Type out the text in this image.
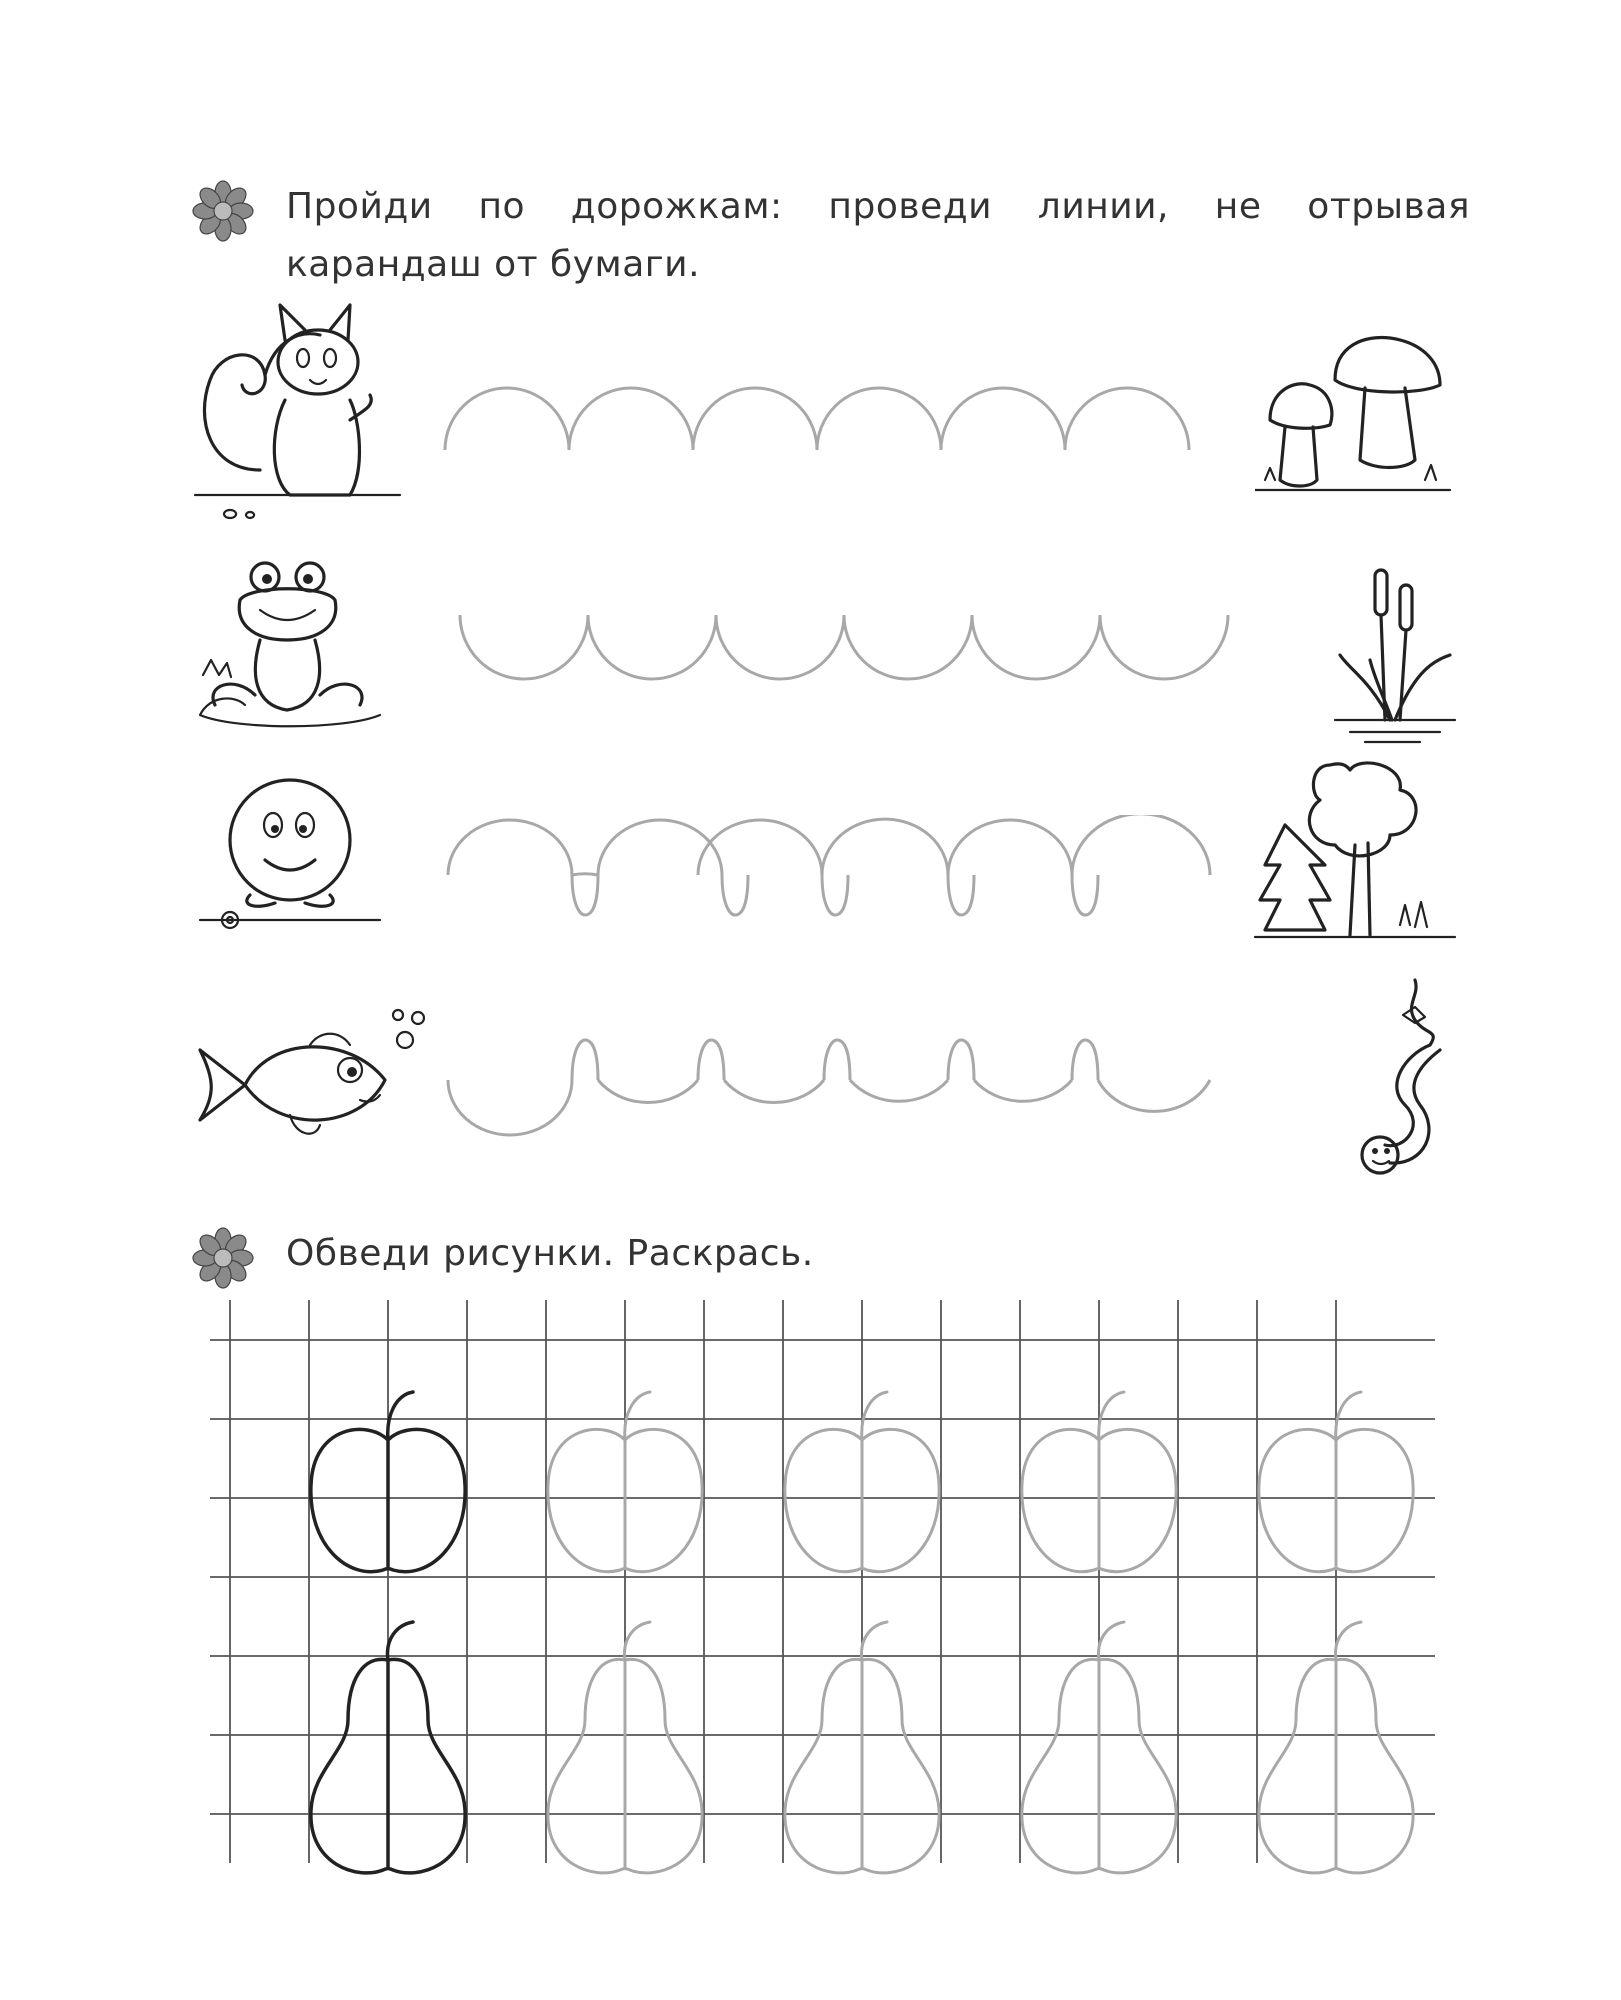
Пройди по дорожкам: проведи линии, не отрывая карандаш от бумаги.
Обведи рисунки. Раскрась.
